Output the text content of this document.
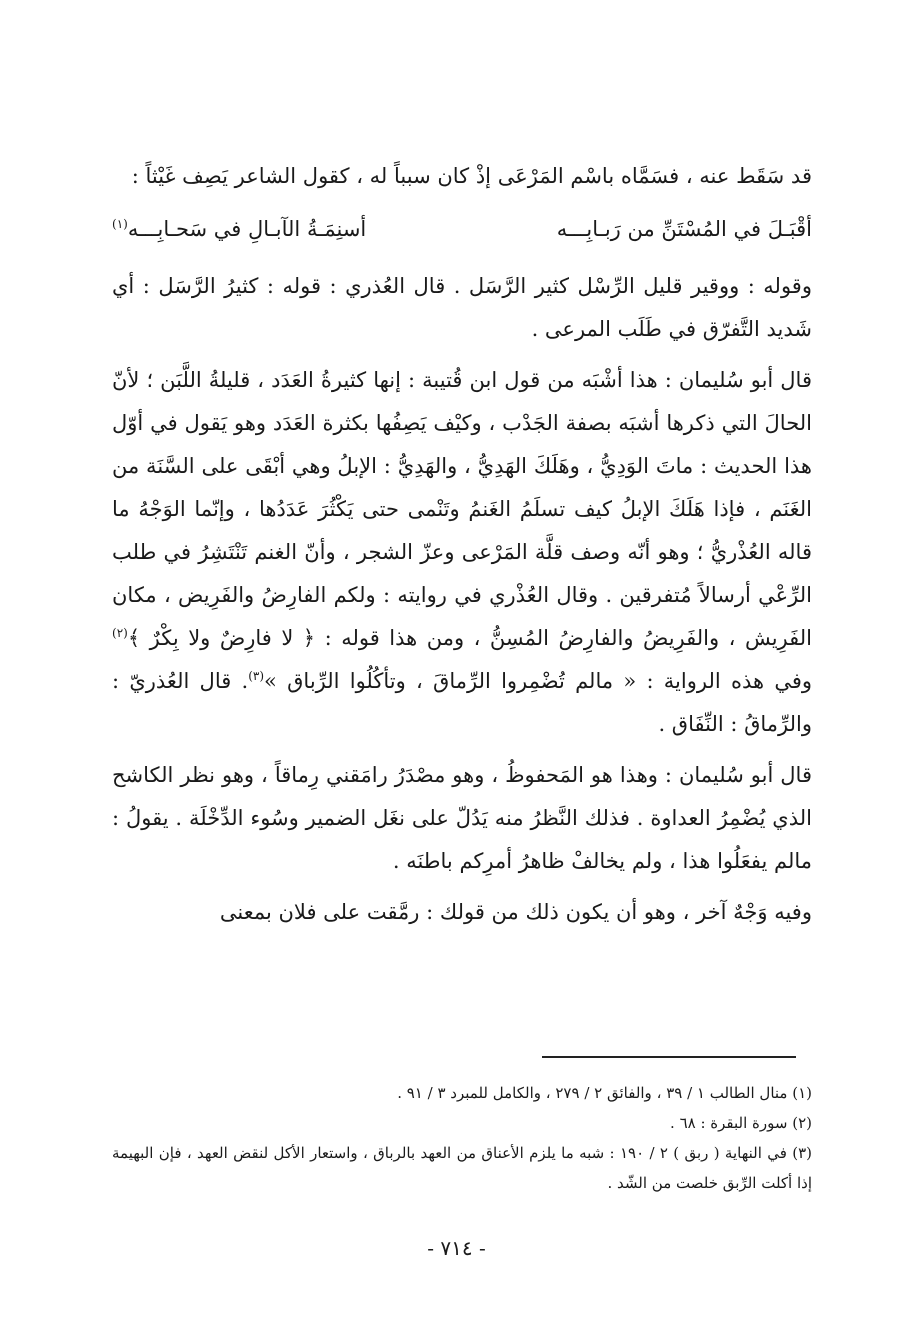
قد سَقَط عنه ، فسَمَّاه باسْم المَرْعَى إذْ كان سبباً له ، كقول الشاعر يَصِف غَيْثاً :

أقْبَـلَ في المُسْتَنِّ من رَبـابِـــه
أسنِمَـةُ الآبـالِ في سَحـابِـــه$^{(١)}$

وقوله : ووقير قليل الرِّسْل كثير الرَّسَل . قال العُذري : قوله : كثيرُ الرَّسَل : أي شَديد التَّفرّق في طَلَب المرعى .

قال أبو سُليمان : هذا أشْبَه من قول ابن قُتيبة : إنها كثيرةُ العَدَد ، قليلةُ اللَّبَن ؛ لأنّ الحالَ التي ذكرها أشبَه بصفة الجَدْب ، وكيْف يَصِفُها بكثرة العَدَد وهو يَقول في أوّل هذا الحديث : ماتَ الوَدِيُّ ، وهَلَكَ الهَدِيُّ ، والهَدِيُّ : الإبلُ وهي أبْقَى على السَّنَة من الغَنَم ، فإذا هَلَكَ الإبلُ كيف تسلَمُ الغَنمُ وتَنْمى حتى يَكْثُرَ عَدَدُها ، وإنّما الوَجْهُ ما قاله العُذْريُّ ؛ وهو أنّه وصف قلَّة المَرْعى وعزّ الشجر ، وأنّ الغنم تَنْتَشِرُ في طلب الرِّعْي أرسالاً مُتفرقين . وقال العُذْري في روايته : ولكم الفارِضُ والفَرِيض ، مكان الفَرِيش ، والفَرِيضُ والفارِضُ المُسِنُّ ، ومن هذا قوله : ﴿ لا فارِضٌ ولا بِكْرٌ ﴾$^{(٢)}$ وفي هذه الرواية : « مالم تُضْمِروا الرِّماقَ ، وتأكُلُوا الرِّباق »$^{(٣)}$. قال العُذريّ : والرِّماقُ : النِّفَاق .

قال أبو سُليمان : وهذا هو المَحفوظُ ، وهو مصْدَرُ رامَقني رِماقاً ، وهو نظر الكاشح الذي يُضْمِرُ العداوة . فذلك النَّظرُ منه يَدُلّ على نغَل الضمير وسُوء الدِّخْلَة . يقولُ : مالم يفعَلُوا هذا ، ولم يخالفْ ظاهرُ أمرِكم باطنَه .

وفيه وَجْهٌ آخر ، وهو أن يكون ذلك من قولك : رمَّقت على فلان بمعنى

(١) منال الطالب ١ / ٣٩ ، والفائق ٢ / ٢٧٩ ، والكامل للمبرد ٣ / ٩١ .
(٢) سورة البقرة : ٦٨ .
(٣) في النهاية ( ربق ) ٢ / ١٩٠ : شبه ما يلزم الأعناق من العهد بالرباق ، واستعار الأكل لنقض العهد ، فإن البهيمة إذا أكلت الرِّبق خلصت من الشّد .
- ٧١٤ -
